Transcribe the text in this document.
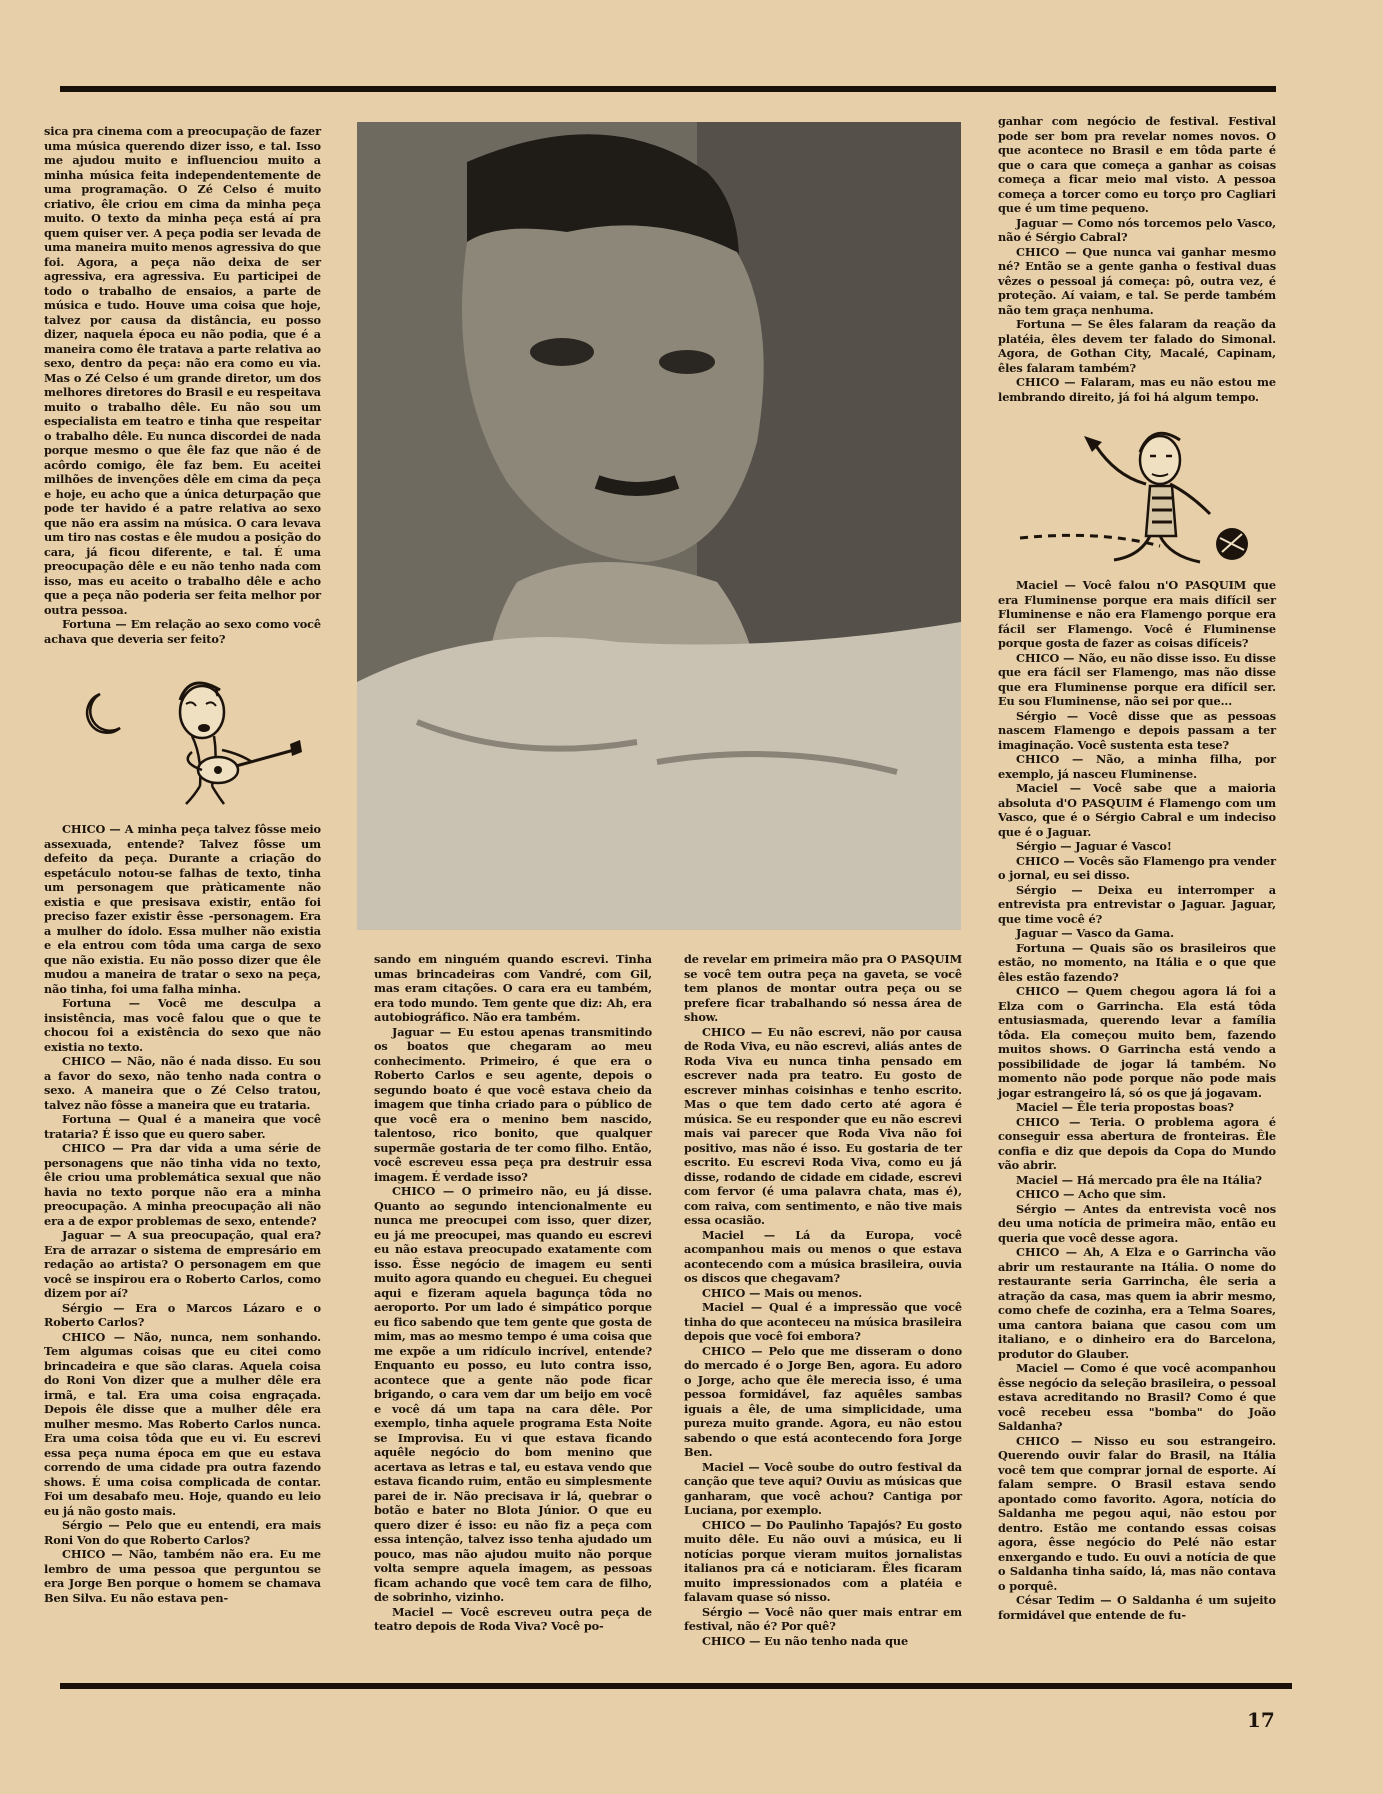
sica pra cinema com a preocupação de fazer uma música querendo dizer isso, e tal. Isso me ajudou muito e influenciou muito a minha música feita independentemente de uma programação. O Zé Celso é muito criativo, êle criou em cima da minha peça muito. O texto da minha peça está aí pra quem quiser ver. A peça podia ser levada de uma maneira muito menos agressiva do que foi. Agora, a peça não deixa de ser agressiva, era agressiva. Eu participei de todo o trabalho de ensaios, a parte de música e tudo. Houve uma coisa que hoje, talvez por causa da distância, eu posso dizer, naquela época eu não podia, que é a maneira como êle tratava a parte relativa ao sexo, dentro da peça: não era como eu via. Mas o Zé Celso é um grande diretor, um dos melhores diretores do Brasil e eu respeitava muito o trabalho dêle. Eu não sou um especialista em teatro e tinha que respeitar o trabalho dêle. Eu nunca discordei de nada porque mesmo o que êle faz que não é de acôrdo comigo, êle faz bem. Eu aceitei milhões de invenções dêle em cima da peça e hoje, eu acho que a única deturpação que pode ter havido é a patre relativa ao sexo que não era assim na música. O cara levava um tiro nas costas e êle mudou a posição do cara, já ficou diferente, e tal. É uma preocupação dêle e eu não tenho nada com isso, mas eu aceito o trabalho dêle e acho que a peça não poderia ser feita melhor por outra pessoa.

Fortuna — Em relação ao sexo como você achava que deveria ser feito?

CHICO — A minha peça talvez fôsse meio assexuada, entende? Talvez fôsse um defeito da peça. Durante a criação do espetáculo notou-se falhas de texto, tinha um personagem que pràticamente não existia e que presisava existir, então foi preciso fazer existir êsse -personagem. Era a mulher do ídolo. Essa mulher não existia e ela entrou com tôda uma carga de sexo que não existia. Eu não posso dizer que êle mudou a maneira de tratar o sexo na peça, não tinha, foi uma falha minha.

Fortuna — Você me desculpa a insistência, mas você falou que o que te chocou foi a existência do sexo que não existia no texto.

CHICO — Não, não é nada disso. Eu sou a favor do sexo, não tenho nada contra o sexo. A maneira que o Zé Celso tratou, talvez não fôsse a maneira que eu trataria.

Fortuna — Qual é a maneira que você trataria? É isso que eu quero saber.

CHICO — Pra dar vida a uma série de personagens que não tinha vida no texto, êle criou uma problemática sexual que não havia no texto porque não era a minha preocupação. A minha preocupação ali não era a de expor problemas de sexo, entende?

Jaguar — A sua preocupação, qual era? Era de arrazar o sistema de empresário em redação ao artista? O personagem em que você se inspirou era o Roberto Carlos, como dizem por aí?

Sérgio — Era o Marcos Lázaro e o Roberto Carlos?

CHICO — Não, nunca, nem sonhando. Tem algumas coisas que eu citei como brincadeira e que são claras. Aquela coisa do Roni Von dizer que a mulher dêle era irmã, e tal. Era uma coisa engraçada. Depois êle disse que a mulher dêle era mulher mesmo. Mas Roberto Carlos nunca. Era uma coisa tôda que eu vi. Eu escrevi essa peça numa época em que eu estava correndo de uma cidade pra outra fazendo shows. É uma coisa complicada de contar. Foi um desabafo meu. Hoje, quando eu leio eu já não gosto mais.

Sérgio — Pelo que eu entendi, era mais Roni Von do que Roberto Carlos?

CHICO — Não, também não era. Eu me lembro de uma pessoa que perguntou se era Jorge Ben porque o homem se chamava Ben Silva. Eu não estava pen-

sando em ninguém quando escrevi. Tinha umas brincadeiras com Vandré, com Gil, mas eram citações. O cara era eu também, era todo mundo. Tem gente que diz: Ah, era autobiográfico. Não era também.

Jaguar — Eu estou apenas transmitindo os boatos que chegaram ao meu conhecimento. Primeiro, é que era o Roberto Carlos e seu agente, depois o segundo boato é que você estava cheio da imagem que tinha criado para o público de que você era o menino bem nascido, talentoso, rico bonito, que qualquer supermãe gostaria de ter como filho. Então, você escreveu essa peça pra destruir essa imagem. É verdade isso?

CHICO — O primeiro não, eu já disse. Quanto ao segundo intencionalmente eu nunca me preocupei com isso, quer dizer, eu já me preocupei, mas quando eu escrevi eu não estava preocupado exatamente com isso. Êsse negócio de imagem eu senti muito agora quando eu cheguei. Eu cheguei aqui e fizeram aquela bagunça tôda no aeroporto. Por um lado é simpático porque eu fico sabendo que tem gente que gosta de mim, mas ao mesmo tempo é uma coisa que me expõe a um ridículo incrível, entende? Enquanto eu posso, eu luto contra isso, acontece que a gente não pode ficar brigando, o cara vem dar um beijo em você e você dá um tapa na cara dêle. Por exemplo, tinha aquele programa Esta Noite se Improvisa. Eu vi que estava ficando aquêle negócio do bom menino que acertava as letras e tal, eu estava vendo que estava ficando ruim, então eu simplesmente parei de ir. Não precisava ir lá, quebrar o botão e bater no Blota Júnior. O que eu quero dizer é isso: eu não fiz a peça com essa intenção, talvez isso tenha ajudado um pouco, mas não ajudou muito não porque volta sempre aquela imagem, as pessoas ficam achando que você tem cara de filho, de sobrinho, vizinho.

Maciel — Você escreveu outra peça de teatro depois de Roda Viva? Você po-

de revelar em primeira mão pra O PASQUIM se você tem outra peça na gaveta, se você tem planos de montar outra peça ou se prefere ficar trabalhando só nessa área de show.

CHICO — Eu não escrevi, não por causa de Roda Viva, eu não escrevi, aliás antes de Roda Viva eu nunca tinha pensado em escrever nada pra teatro. Eu gosto de escrever minhas coisinhas e tenho escrito. Mas o que tem dado certo até agora é música. Se eu responder que eu não escrevi mais vai parecer que Roda Viva não foi positivo, mas não é isso. Eu gostaria de ter escrito. Eu escrevi Roda Viva, como eu já disse, rodando de cidade em cidade, escrevi com fervor (é uma palavra chata, mas é), com raiva, com sentimento, e não tive mais essa ocasião.

Maciel — Lá da Europa, você acompanhou mais ou menos o que estava acontecendo com a música brasileira, ouvia os discos que chegavam?

CHICO — Mais ou menos.

Maciel — Qual é a impressão que você tinha do que aconteceu na música brasileira depois que você foi embora?

CHICO — Pelo que me disseram o dono do mercado é o Jorge Ben, agora. Eu adoro o Jorge, acho que êle merecia isso, é uma pessoa formidável, faz aquêles sambas iguais a êle, de uma simplicidade, uma pureza muito grande. Agora, eu não estou sabendo o que está acontecendo fora Jorge Ben.

Maciel — Você soube do outro festival da canção que teve aqui? Ouviu as músicas que ganharam, que você achou? Cantiga por Luciana, por exemplo.

CHICO — Do Paulinho Tapajós? Eu gosto muito dêle. Eu não ouvi a música, eu li notícias porque vieram muitos jornalistas italianos pra cá e noticiaram. Êles ficaram muito impressionados com a platéia e falavam quase só nisso.

Sérgio — Você não quer mais entrar em festival, não é? Por quê?

CHICO — Eu não tenho nada que

ganhar com negócio de festival. Festival pode ser bom pra revelar nomes novos. O que acontece no Brasil e em tôda parte é que o cara que começa a ganhar as coisas começa a ficar meio mal visto. A pessoa começa a torcer como eu torço pro Cagliari que é um time pequeno.

Jaguar — Como nós torcemos pelo Vasco, não é Sérgio Cabral?

CHICO — Que nunca vai ganhar mesmo né? Então se a gente ganha o festival duas vêzes o pessoal já começa: pô, outra vez, é proteção. Aí vaiam, e tal. Se perde também não tem graça nenhuma.

Fortuna — Se êles falaram da reação da platéia, êles devem ter falado do Simonal. Agora, de Gothan City, Macalé, Capinam, êles falaram também?

CHICO — Falaram, mas eu não estou me lembrando direito, já foi há algum tempo.

Maciel — Você falou n'O PASQUIM que era Fluminense porque era mais difícil ser Fluminense e não era Flamengo porque era fácil ser Flamengo. Você é Fluminense porque gosta de fazer as coisas difíceis?

CHICO — Não, eu não disse isso. Eu disse que era fácil ser Flamengo, mas não disse que era Fluminense porque era difícil ser. Eu sou Fluminense, não sei por que...

Sérgio — Você disse que as pessoas nascem Flamengo e depois passam a ter imaginação. Você sustenta esta tese?

CHICO — Não, a minha filha, por exemplo, já nasceu Fluminense.

Maciel — Você sabe que a maioria absoluta d'O PASQUIM é Flamengo com um Vasco, que é o Sérgio Cabral e um indeciso que é o Jaguar.

Sérgio — Jaguar é Vasco!

CHICO — Vocês são Flamengo pra vender o jornal, eu sei disso.

Sérgio — Deixa eu interromper a entrevista pra entrevistar o Jaguar. Jaguar, que time você é?

Jaguar — Vasco da Gama.

Fortuna — Quais são os brasileiros que estão, no momento, na Itália e o que que êles estão fazendo?

CHICO — Quem chegou agora lá foi a Elza com o Garrincha. Ela está tôda entusiasmada, querendo levar a família tôda. Ela começou muito bem, fazendo muitos shows. O Garrincha está vendo a possibilidade de jogar lá também. No momento não pode porque não pode mais jogar estrangeiro lá, só os que já jogavam.

Maciel — Êle teria propostas boas?

CHICO — Teria. O problema agora é conseguir essa abertura de fronteiras. Êle confia e diz que depois da Copa do Mundo vão abrir.

Maciel — Há mercado pra êle na Itália?

CHICO — Acho que sim.

Sérgio — Antes da entrevista você nos deu uma notícia de primeira mão, então eu queria que você desse agora.

CHICO — Ah, A Elza e o Garrincha vão abrir um restaurante na Itália. O nome do restaurante seria Garrincha, êle seria a atração da casa, mas quem ia abrir mesmo, como chefe de cozinha, era a Telma Soares, uma cantora baiana que casou com um italiano, e o dinheiro era do Barcelona, produtor do Glauber.

Maciel — Como é que você acompanhou êsse negócio da seleção brasileira, o pessoal estava acreditando no Brasil? Como é que você recebeu essa "bomba" do João Saldanha?

CHICO — Nisso eu sou estrangeiro. Querendo ouvir falar do Brasil, na Itália você tem que comprar jornal de esporte. Aí falam sempre. O Brasil estava sendo apontado como favorito. Agora, notícia do Saldanha me pegou aqui, não estou por dentro. Estão me contando essas coisas agora, êsse negócio do Pelé não estar enxergando e tudo. Eu ouvi a notícia de que o Saldanha tinha saído, lá, mas não contava o porquê.

César Tedim — O Saldanha é um sujeito formidável que entende de fu-

17
